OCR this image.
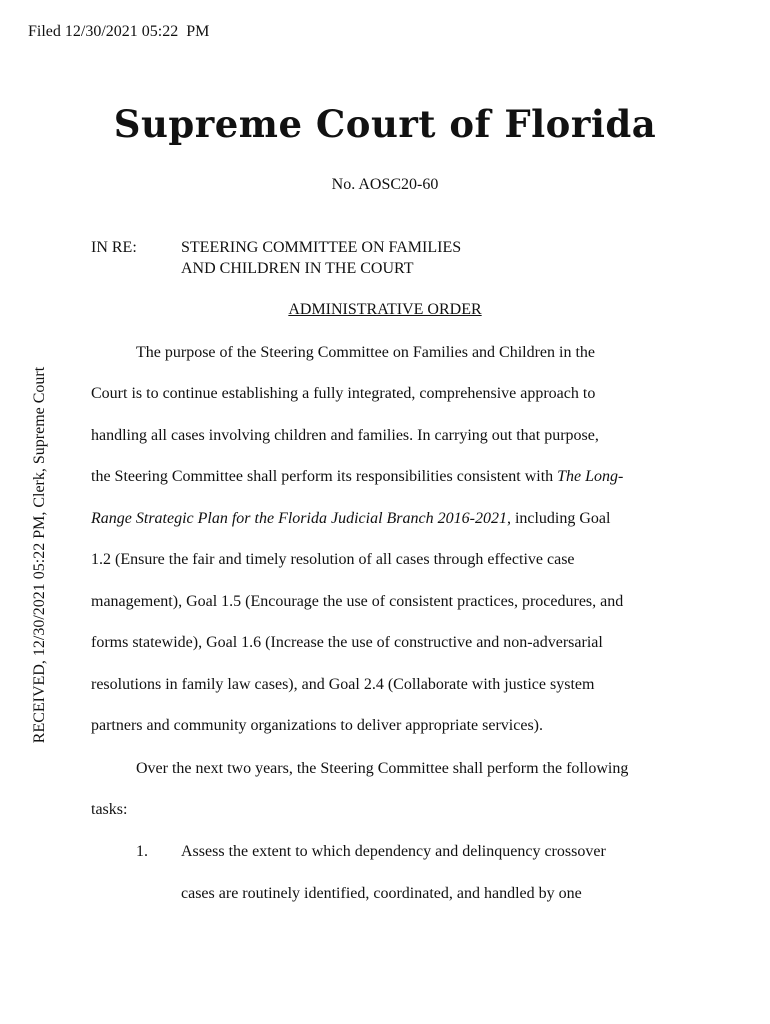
Filed 12/30/2021 05:22  PM
Supreme Court of Florida
No. AOSC20-60
IN RE:	STEERING COMMITTEE ON FAMILIES
AND CHILDREN IN THE COURT
ADMINISTRATIVE ORDER
RECEIVED, 12/30/2021 05:22 PM, Clerk, Supreme Court
The purpose of the Steering Committee on Families and Children in the
Court is to continue establishing a fully integrated, comprehensive approach to
handling all cases involving children and families. In carrying out that purpose,
the Steering Committee shall perform its responsibilities consistent with The Long-
Range Strategic Plan for the Florida Judicial Branch 2016-2021, including Goal
1.2 (Ensure the fair and timely resolution of all cases through effective case
management), Goal 1.5 (Encourage the use of consistent practices, procedures, and
forms statewide), Goal 1.6 (Increase the use of constructive and non-adversarial
resolutions in family law cases), and Goal 2.4 (Collaborate with justice system
partners and community organizations to deliver appropriate services).
Over the next two years, the Steering Committee shall perform the following
tasks:
1. Assess the extent to which dependency and delinquency crossover
cases are routinely identified, coordinated, and handled by one
